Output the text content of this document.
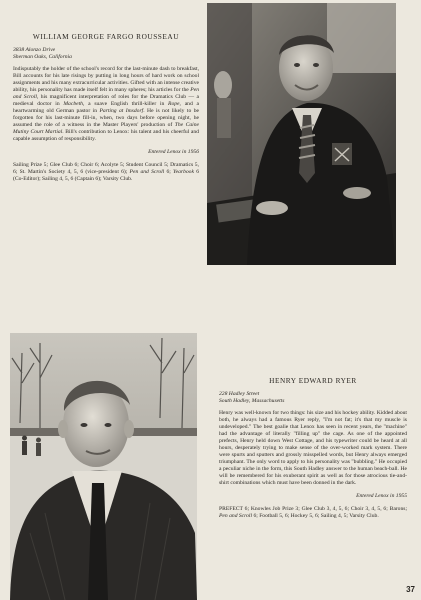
WILLIAM GEORGE FARGO ROUSSEAU
3838 Alonzo Drive
Sherman Oaks, California

Indisputably the holder of the school's record for the last-minute dash to breakfast, Bill accounts for his late risings by putting in long hours of hard work on school assignments and his many extracurricular activities. Gifted with an intense creative ability, his personality has made itself felt in many spheres; his articles for the Pen and Scroll, his magnificent interpretation of roles for the Dramatics Club — a medieval doctor in Macbeth, a suave English thrill-killer in Rope, and a heartwarming old German pastor in Parting at Imsdorf. He is not likely to be forgotten for his last-minute fill-in, when, two days before opening night, he assumed the role of a witness in the Master Players' production of The Caine Mutiny Court Martial. Bill's contribution to Lenox: his talent and his cheerful and capable assumption of responsibility.

Entered Lenox in 1956

Sailing Prize 5; Glee Club 6; Choir 6; Acolyte 5; Student Council 5; Dramatics 5, 6; St. Martin's Society 4, 5, 6 (vice-president 6); Pen and Scroll 6; Yearbook 6 (Co-Editor); Sailing 4, 5, 6 (Captain 6); Varsity Club.

HENRY EDWARD RYER
228 Hadley Street
South Hadley, Massachusetts

Henry was well-known for two things: his size and his hockey ability. Kidded about both, he always had a famous Ryer reply, "I'm not fat; it's that my muscle is undeveloped." The best goalie that Lenox has seen in recent years, the "machine" had the advantage of literally "filling up" the cage. As one of the appointed prefects, Henry held down West Cottage, and his typewriter could be heard at all hours, desperately trying to make sense of the over-worked mark system. There were spurts and sputters and grossly misspelled words, but Henry always emerged triumphant. The only word to apply to his personality was "bubbling." He occupied a peculiar niche in the form, this South Hadley answer to the human beach-ball. He will be remembered for his exuberant spirit as well as for those atrocious tie-and-shirt combinations which must have been donned in the dark.

Entered Lenox in 1955

PREFECT 6; Knowles Job Prize 3; Glee Club 3, 4, 5, 6; Choir 3, 4, 5, 6; Barons; Pen and Scroll 6; Football 5, 6; Hockey 5, 6; Sailing 4, 5; Varsity Club.

37
